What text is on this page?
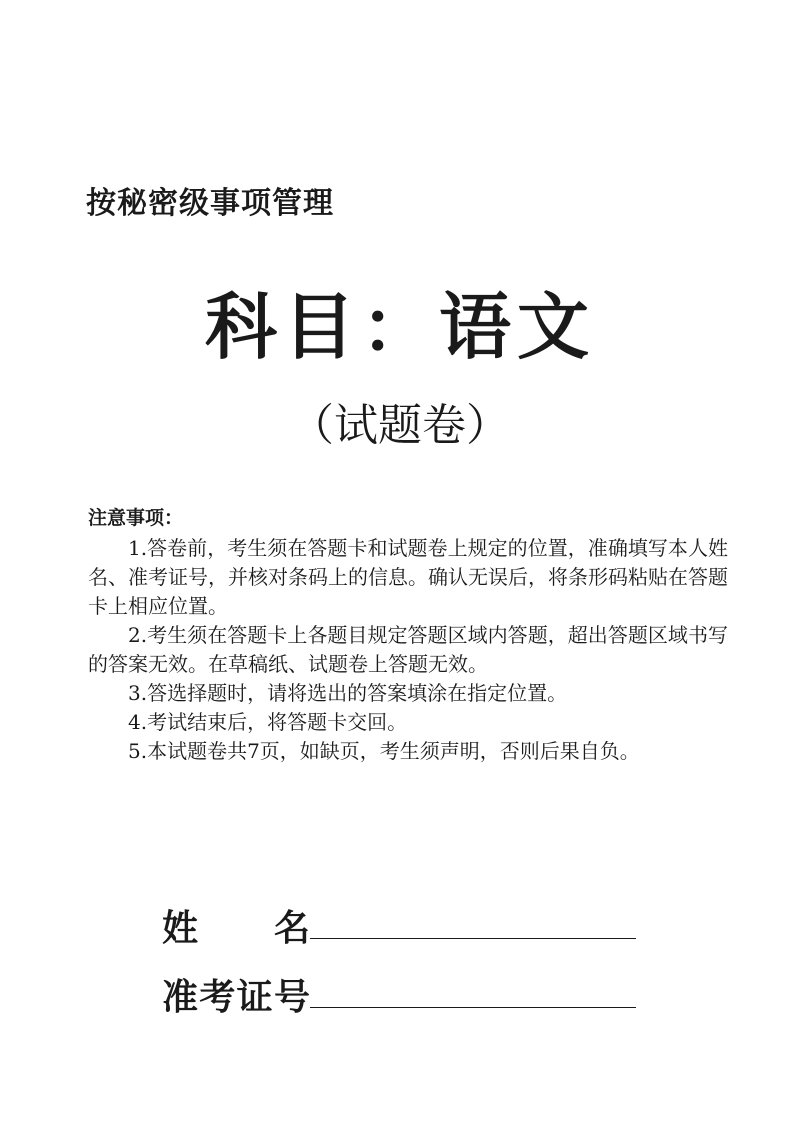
按秘密级事项管理
科目：语文
（试题卷）
注意事项：

1.答卷前，考生须在答题卡和试题卷上规定的位置，准确填写本人姓名、准考证号，并核对条码上的信息。确认无误后，将条形码粘贴在答题卡上相应位置。

2.考生须在答题卡上各题目规定答题区域内答题，超出答题区域书写的答案无效。在草稿纸、试题卷上答题无效。

3.答选择题时，请将选出的答案填涂在指定位置。

4.考试结束后，将答题卡交回。

5.本试题卷共7页，如缺页，考生须声明，否则后果自负。

姓名
准考证号
